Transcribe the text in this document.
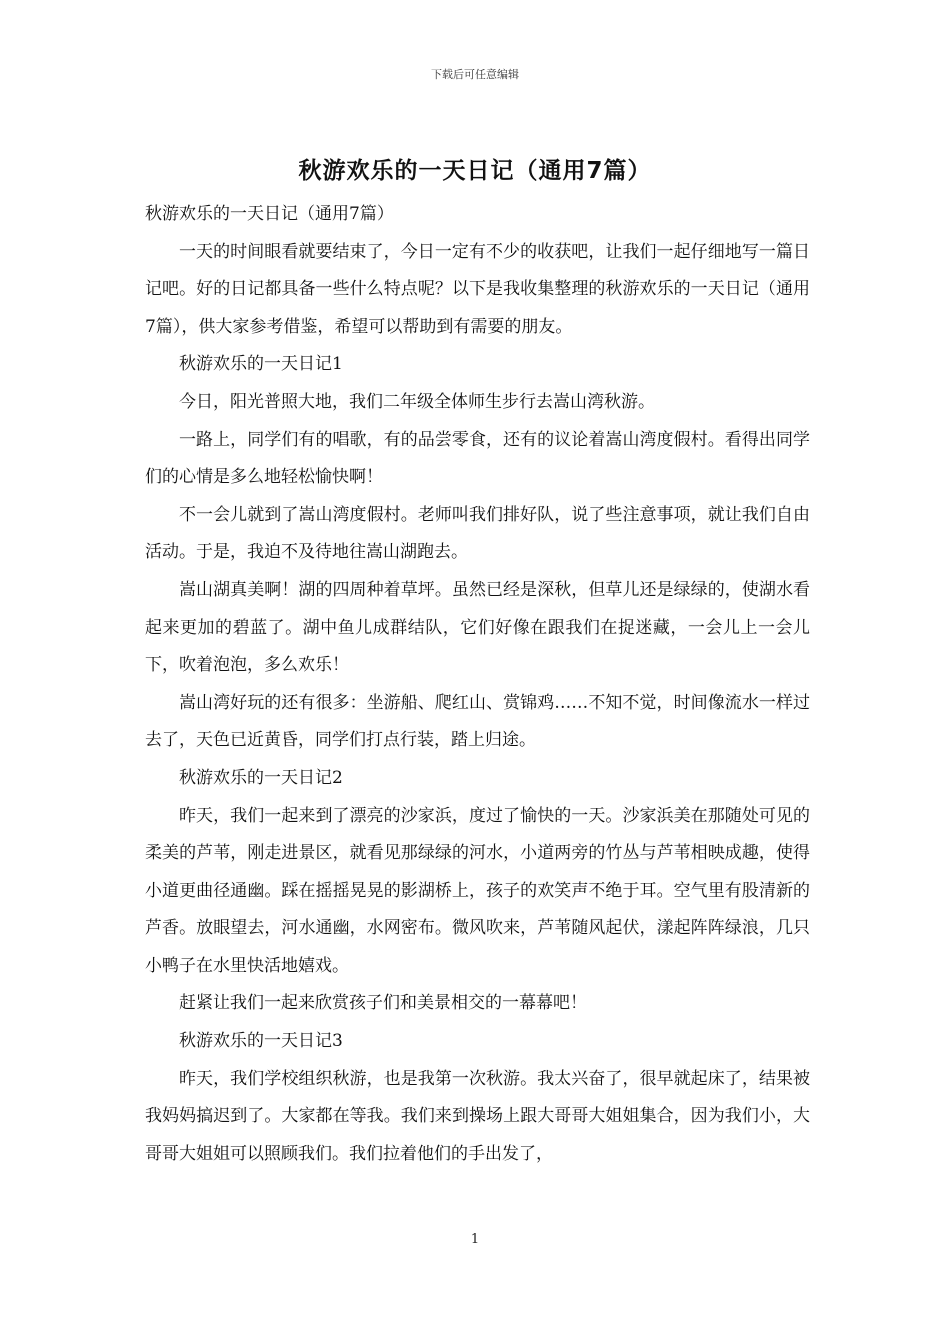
下载后可任意编辑
秋游欢乐的一天日记（通用7篇）

秋游欢乐的一天日记（通用7篇）

一天的时间眼看就要结束了，今日一定有不少的收获吧，让我们一起仔细地写一篇日记吧。好的日记都具备一些什么特点呢？以下是我收集整理的秋游欢乐的一天日记（通用7篇），供大家参考借鉴，希望可以帮助到有需要的朋友。

秋游欢乐的一天日记1

今日，阳光普照大地，我们二年级全体师生步行去嵩山湾秋游。

一路上，同学们有的唱歌，有的品尝零食，还有的议论着嵩山湾度假村。看得出同学们的心情是多么地轻松愉快啊！

不一会儿就到了嵩山湾度假村。老师叫我们排好队，说了些注意事项，就让我们自由活动。于是，我迫不及待地往嵩山湖跑去。

嵩山湖真美啊！湖的四周种着草坪。虽然已经是深秋，但草儿还是绿绿的，使湖水看起来更加的碧蓝了。湖中鱼儿成群结队，它们好像在跟我们在捉迷藏，一会儿上一会儿下，吹着泡泡，多么欢乐！

嵩山湾好玩的还有很多：坐游船、爬红山、赏锦鸡……不知不觉，时间像流水一样过去了，天色已近黄昏，同学们打点行装，踏上归途。

秋游欢乐的一天日记2

昨天，我们一起来到了漂亮的沙家浜，度过了愉快的一天。沙家浜美在那随处可见的柔美的芦苇，刚走进景区，就看见那绿绿的河水，小道两旁的竹丛与芦苇相映成趣，使得小道更曲径通幽。踩在摇摇晃晃的影湖桥上，孩子的欢笑声不绝于耳。空气里有股清新的芦香。放眼望去，河水通幽，水网密布。微风吹来，芦苇随风起伏，漾起阵阵绿浪，几只小鸭子在水里快活地嬉戏。

赶紧让我们一起来欣赏孩子们和美景相交的一幕幕吧！

秋游欢乐的一天日记3

昨天，我们学校组织秋游，也是我第一次秋游。我太兴奋了，很早就起床了，结果被我妈妈搞迟到了。大家都在等我。我们来到操场上跟大哥哥大姐姐集合，因为我们小，大哥哥大姐姐可以照顾我们。我们拉着他们的手出发了，

1
